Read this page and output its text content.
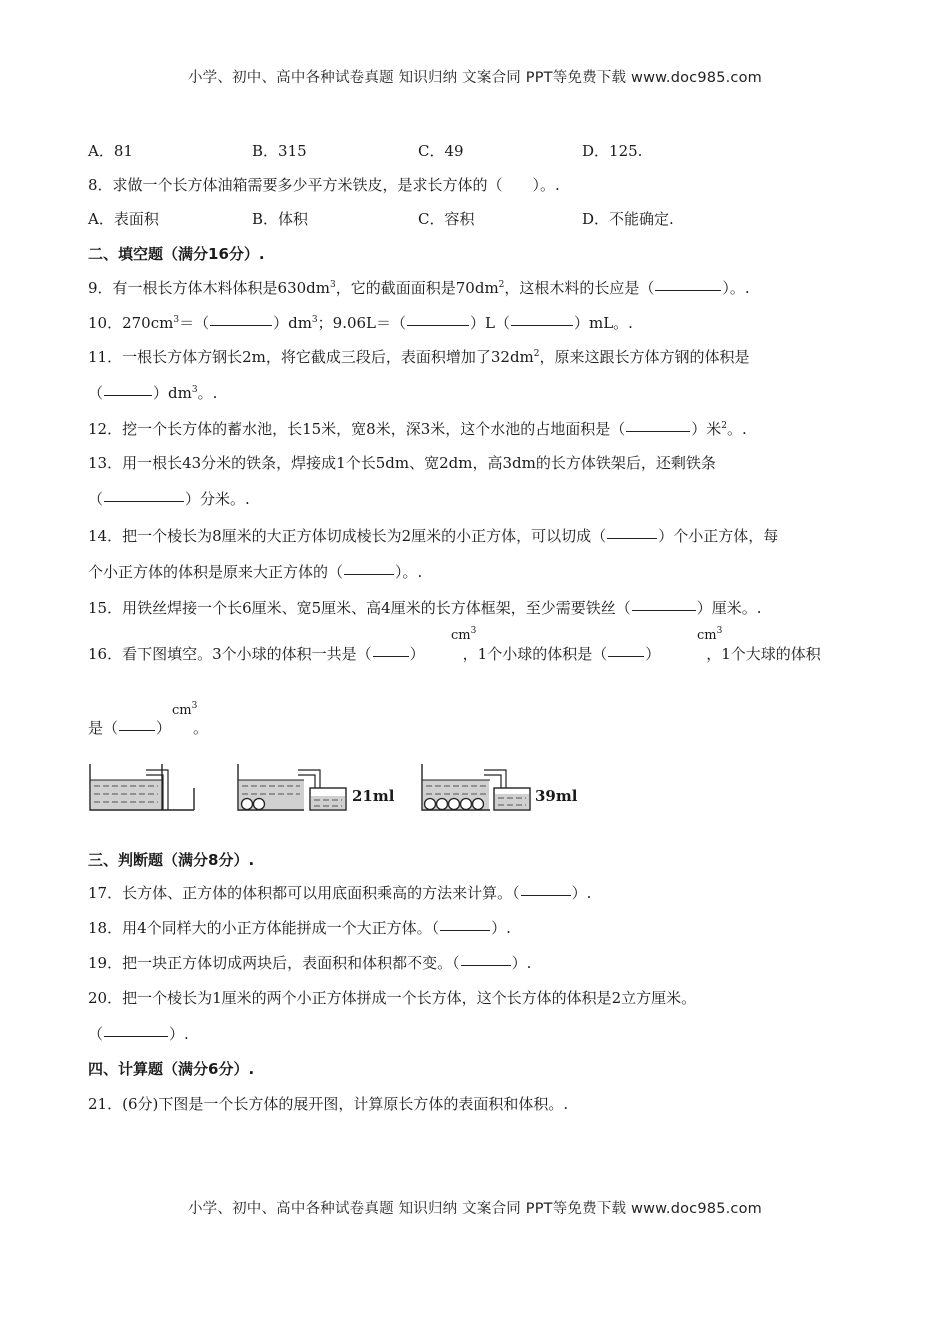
小学、初中、高中各种试卷真题 知识归纳 文案合同 PPT等免费下载 www.doc985.com
A．81	B．315	C．49	D．125.
8．求做一个长方体油箱需要多少平方米铁皮，是求长方体的（　　）。.
A．表面积	B．体积	C．容积	D．不能确定.
二、填空题（满分16分）.
9．有一根长方体木料体积是$630dm^3$，它的截面面积是$70dm^2$，这根木料的长应是（	）。.
10．$270cm^3=$（	）$dm^3$；9.06L＝（	）L（	）mL。.
11．一根长方体方钢长2m，将它截成三段后，表面积增加了$32dm^2$，原来这跟长方体方钢的体积是
（	）$dm^3$。.
12．挖一个长方体的蓄水池，长15米，宽8米，深3米，这个水池的占地面积是（	）米$^2$。.
13．用一根长43分米的铁条，焊接成1个长5dm、宽2dm，高3dm的长方体铁架后，还剩铁条
（	）分米。.
14．把一个棱长为8厘米的大正方体切成棱长为2厘米的小正方体，可以切成（	）个小正方体，每
个小正方体的体积是原来大正方体的（	）。.
15．用铁丝焊接一个长6厘米、宽5厘米、高4厘米的长方体框架，至少需要铁丝（	）厘米。.
16．看下图填空。3个小球的体积一共是（	）	，1个小球的体积是（	）	，1个大球的体积
$cm^3$	$cm^3$
是（	） 。
$cm^3$
21ml	39ml
三、判断题（满分8分）.
17．长方体、正方体的体积都可以用底面积乘高的方法来计算。（	）.
18．用4个同样大的小正方体能拼成一个大正方体。（	）.
19．把一块正方体切成两块后，表面积和体积都不变。（	）.
20．把一个棱长为1厘米的两个小正方体拼成一个长方体，这个长方体的体积是2立方厘米。
（	）.
四、计算题（满分6分）.
21．(6分)下图是一个长方体的展开图，计算原长方体的表面积和体积。.
小学、初中、高中各种试卷真题 知识归纳 文案合同 PPT等免费下载 www.doc985.com
